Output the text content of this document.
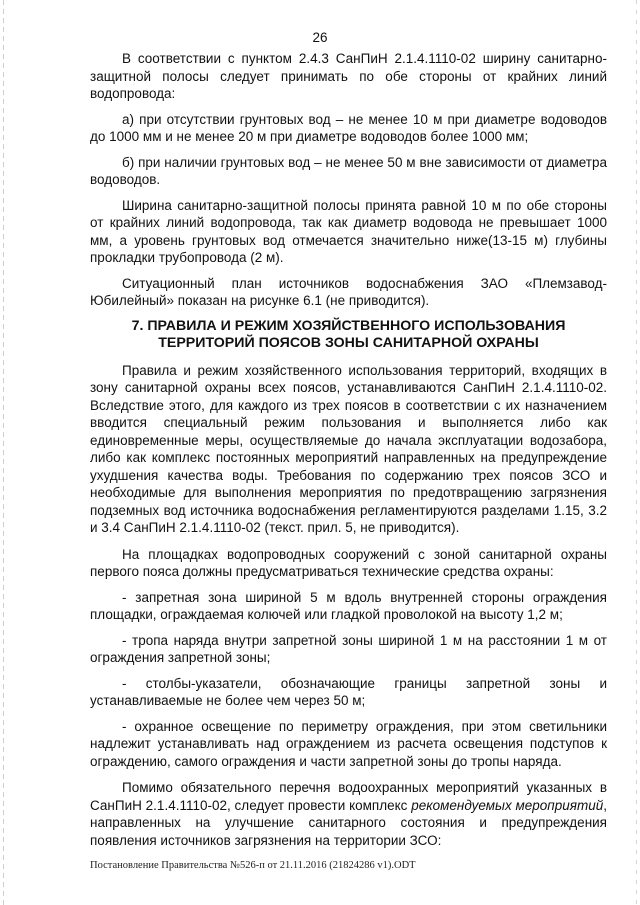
26

В соответствии с пунктом 2.4.3 СанПиН 2.1.4.1110-02 ширину санитарно-защитной полосы следует принимать по обе стороны от крайних линий водопровода:

а) при отсутствии грунтовых вод – не менее 10 м при диаметре водоводов до 1000 мм и не менее 20 м при диаметре водоводов более 1000 мм;

б) при наличии грунтовых вод – не менее 50 м вне зависимости от диаметра водоводов.

Ширина санитарно-защитной полосы принята равной 10 м по обе стороны от крайних линий водопровода, так как диаметр водовода не превышает 1000 мм, а уровень грунтовых вод отмечается значительно ниже(13-15 м) глубины прокладки трубопровода (2 м).

Ситуационный план источников водоснабжения ЗАО «Племзавод-Юбилейный» показан на рисунке 6.1 (не приводится).

7. ПРАВИЛА И РЕЖИМ ХОЗЯЙСТВЕННОГО ИСПОЛЬЗОВАНИЯ
ТЕРРИТОРИЙ ПОЯСОВ ЗОНЫ САНИТАРНОЙ ОХРАНЫ

Правила и режим хозяйственного использования территорий, входящих в зону санитарной охраны всех поясов, устанавливаются СанПиН 2.1.4.1110-02. Вследствие этого, для каждого из трех поясов в соответствии с их назначением вводится специальный режим пользования и выполняется либо как единовременные меры, осуществляемые до начала эксплуатации водозабора, либо как комплекс постоянных мероприятий направленных на предупреждение ухудшения качества воды. Требования по содержанию трех поясов ЗСО и необходимые для выполнения мероприятия по предотвращению загрязнения подземных вод источника водоснабжения регламентируются разделами 1.15, 3.2 и 3.4 СанПиН 2.1.4.1110-02 (текст. прил. 5, не приводится).

На площадках водопроводных сооружений с зоной санитарной охраны первого пояса должны предусматриваться технические средства охраны:

- запретная зона шириной 5 м вдоль внутренней стороны ограждения площадки, ограждаемая колючей или гладкой проволокой на высоту 1,2 м;

- тропа наряда внутри запретной зоны шириной 1 м на расстоянии 1 м от ограждения запретной зоны;

- столбы-указатели, обозначающие границы запретной зоны и устанавливаемые не более чем через 50 м;

- охранное освещение по периметру ограждения, при этом светильники надлежит устанавливать над ограждением из расчета освещения подступов к ограждению, самого ограждения и части запретной зоны до тропы наряда.

Помимо обязательного перечня водоохранных мероприятий указанных в СанПиН 2.1.4.1110-02, следует провести комплекс рекомендуемых мероприятий, направленных на улучшение санитарного состояния и предупреждения появления источников загрязнения на территории ЗСО:

Постановление Правительства №526-п от 21.11.2016 (21824286 v1).ODT
